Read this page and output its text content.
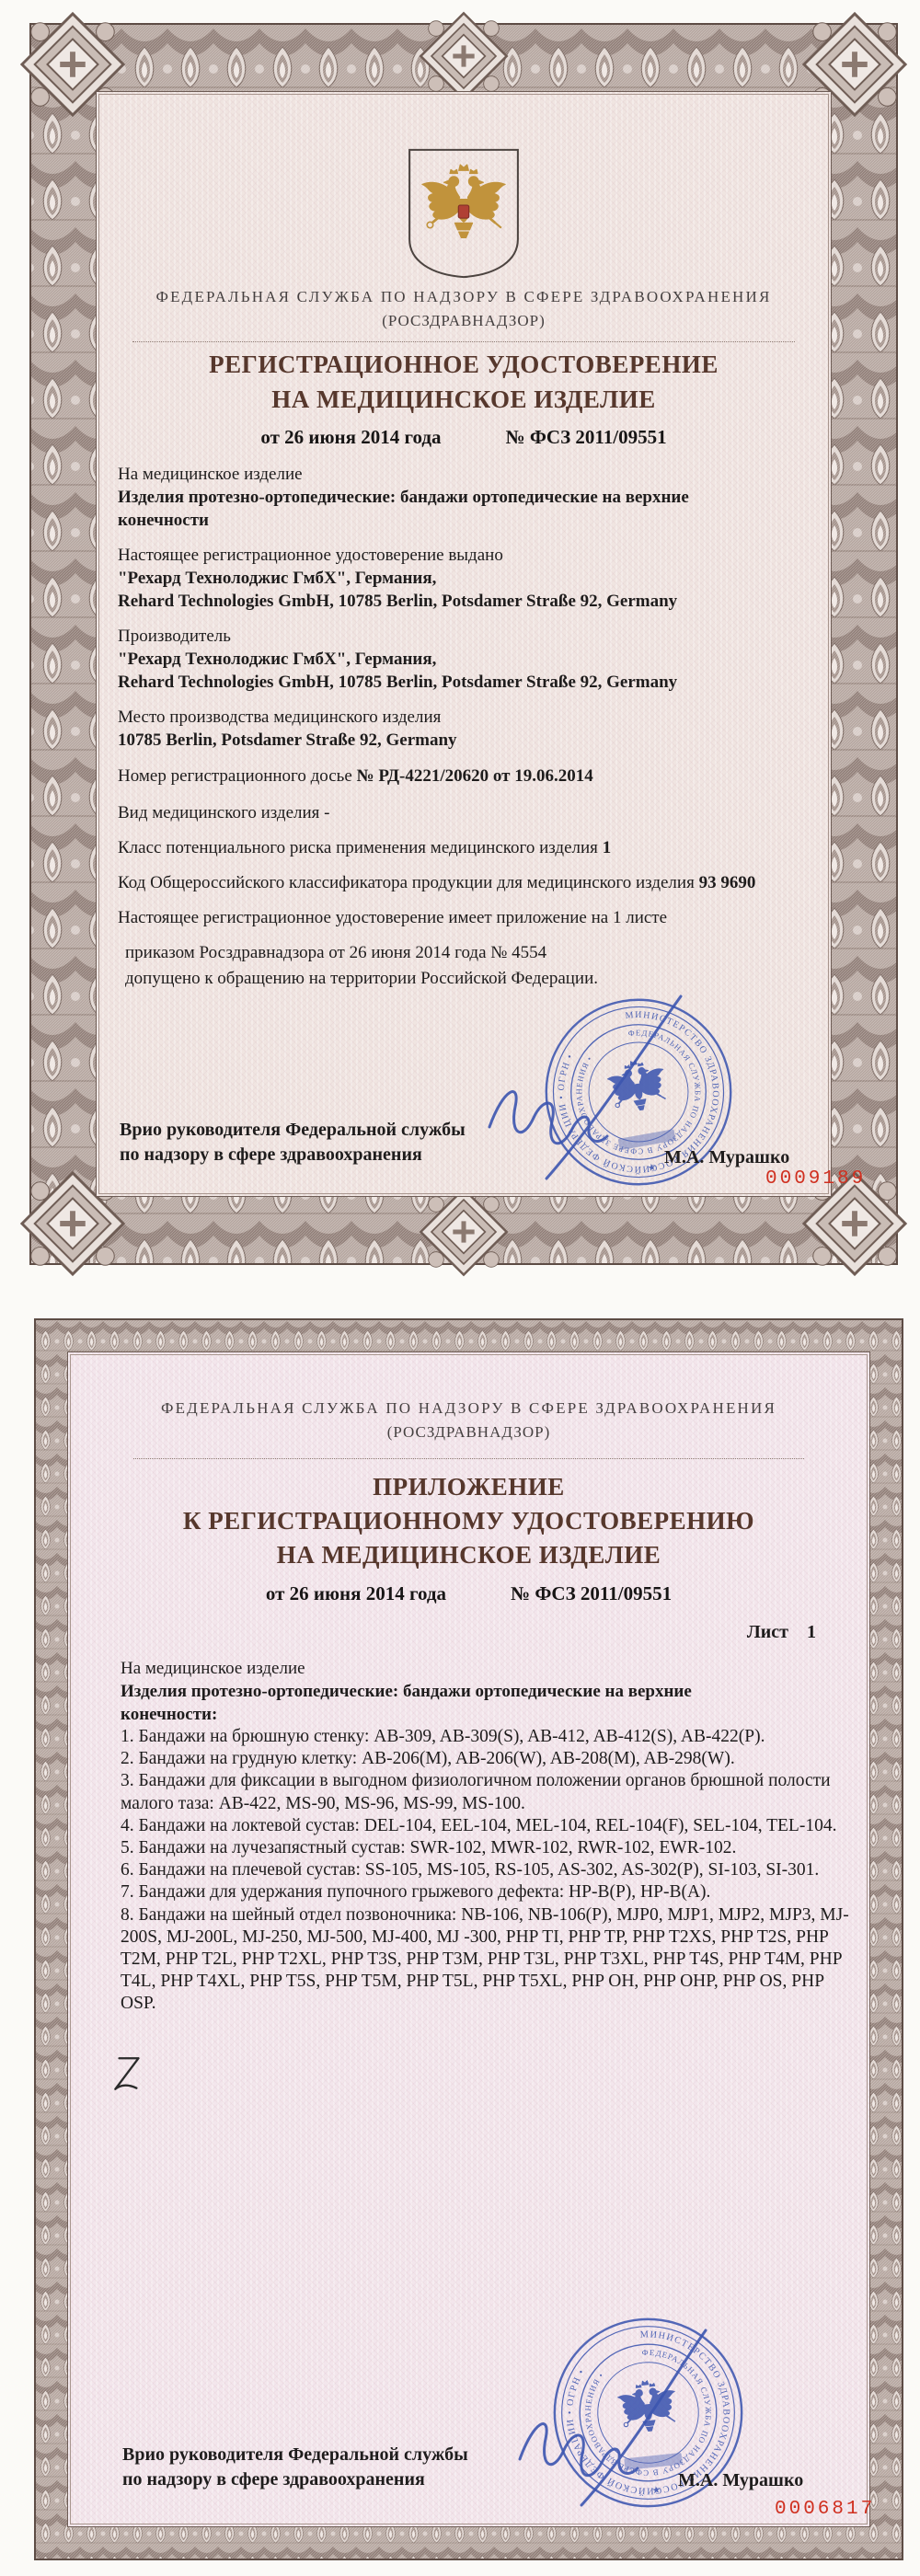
ФЕДЕРАЛЬНАЯ СЛУЖБА ПО НАДЗОРУ В СФЕРЕ ЗДРАВООХРАНЕНИЯ
(РОСЗДРАВНАДЗОР)
РЕГИСТРАЦИОННОЕ УДОСТОВЕРЕНИЕ
НА МЕДИЦИНСКОЕ ИЗДЕЛИЕ
от 26 июня 2014 года	№ ФСЗ 2011/09551
На медицинское изделие
Изделия протезно-ортопедические: бандажи ортопедические на верхние конечности
Настоящее регистрационное удостоверение выдано
"Рехард Технолоджис ГмбХ", Германия,
Rehard Technologies GmbH, 10785 Berlin, Potsdamer Straße 92, Germany
Производитель
"Рехард Технолоджис ГмбХ", Германия,
Rehard Technologies GmbH, 10785 Berlin, Potsdamer Straße 92, Germany
Место производства медицинского изделия
10785 Berlin, Potsdamer Straße 92, Germany
Номер регистрационного досье № РД-4221/20620 от 19.06.2014
Вид медицинского изделия -
Класс потенциального риска применения медицинского изделия 1
Код Общероссийского классификатора продукции для медицинского изделия 93 9690
Настоящее регистрационное удостоверение имеет приложение на 1 листе
приказом Росздравнадзора от 26 июня 2014 года № 4554
допущено к обращению на территории Российской Федерации.
Врио руководителя Федеральной службы
по надзору в сфере здравоохранения	М.А. Мурашко
0009189
ФЕДЕРАЛЬНАЯ СЛУЖБА ПО НАДЗОРУ В СФЕРЕ ЗДРАВООХРАНЕНИЯ
(РОСЗДРАВНАДЗОР)
ПРИЛОЖЕНИЕ
К РЕГИСТРАЦИОННОМУ УДОСТОВЕРЕНИЮ
НА МЕДИЦИНСКОЕ ИЗДЕЛИЕ
от 26 июня 2014 года	№ ФСЗ 2011/09551
Лист 1
На медицинское изделие
Изделия протезно-ортопедические: бандажи ортопедические на верхние конечности:
1. Бандажи на брюшную стенку: AB-309, AB-309(S), AB-412, AB-412(S), AB-422(P).
2. Бандажи на грудную клетку: AB-206(M), AB-206(W), AB-208(M), AB-298(W).
3. Бандажи для фиксации в выгодном физиологичном положении органов брюшной полости малого таза: AB-422, MS-90, MS-96, MS-99, MS-100.
4. Бандажи на локтевой сустав: DEL-104, EEL-104, MEL-104, REL-104(F), SEL-104, TEL-104.
5. Бандажи на лучезапястный сустав: SWR-102, MWR-102, RWR-102, EWR-102.
6. Бандажи на плечевой сустав: SS-105, MS-105, RS-105, AS-302, AS-302(P), SI-103, SI-301.
7. Бандажи для удержания пупочного грыжевого дефекта: HP-B(P), HP-B(A).
8. Бандажи на шейный отдел позвоночника: NB-106, NB-106(P), MJP0, MJP1, MJP2, MJP3, MJ-200S, MJ-200L, MJ-250, MJ-500, MJ-400, MJ -300, PHP TI, PHP TP, PHP T2XS, PHP T2S, PHP T2M, PHP T2L, PHP T2XL, PHP T3S, PHP T3M, PHP T3L, PHP T3XL, PHP T4S, PHP T4M, PHP T4L, PHP T4XL, PHP T5S, PHP T5M, PHP T5L, PHP T5XL, PHP OH, PHP OHP, PHP OS, PHP OSP.
Врио руководителя Федеральной службы
по надзору в сфере здравоохранения	М.А. Мурашко
0006817
